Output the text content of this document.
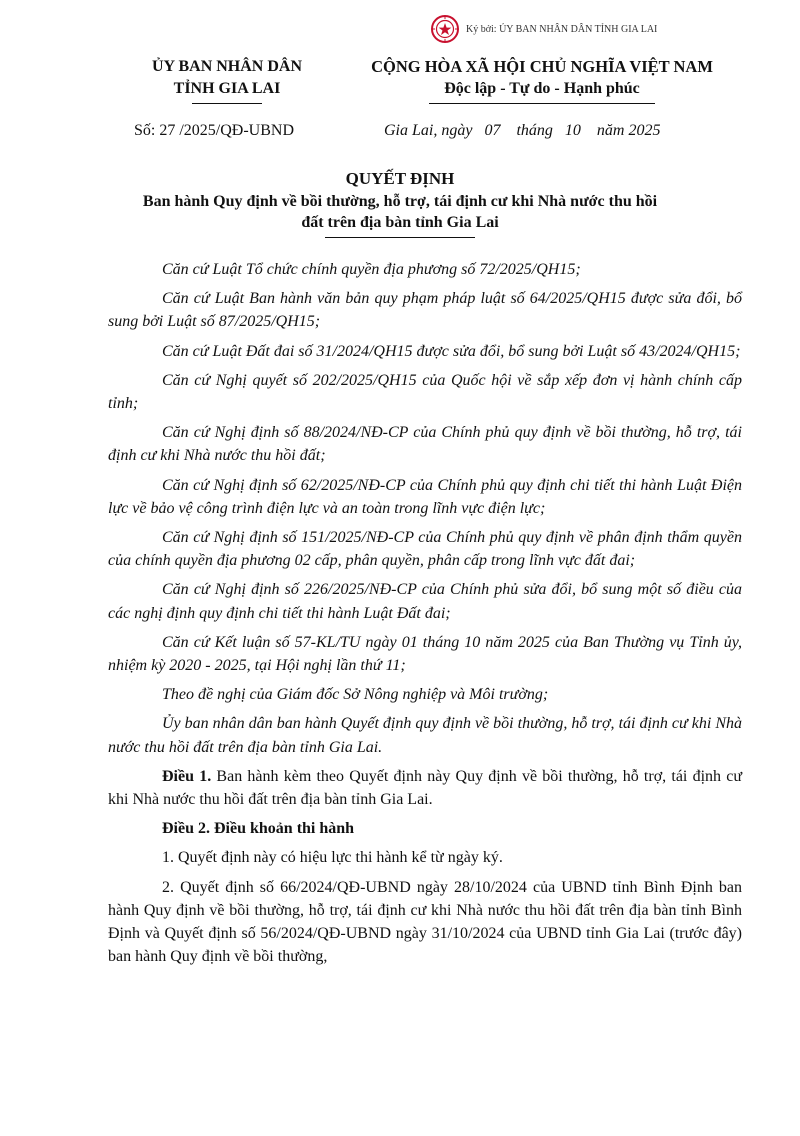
Ký bởi: ỦY BAN NHÂN DÂN TỈNH GIA LAI
ỦY BAN NHÂN DÂN
TỈNH GIA LAI
CỘNG HÒA XÃ HỘI CHỦ NGHĨA VIỆT NAM
Độc lập - Tự do - Hạnh phúc
Số: 27 /2025/QĐ-UBND	Gia Lai, ngày   07    tháng   10    năm 2025
QUYẾT ĐỊNH
Ban hành Quy định về bồi thường, hỗ trợ, tái định cư khi Nhà nước thu hồi đất trên địa bàn tỉnh Gia Lai

Căn cứ Luật Tổ chức chính quyền địa phương số 72/2025/QH15;

Căn cứ Luật Ban hành văn bản quy phạm pháp luật số 64/2025/QH15 được sửa đổi, bổ sung bởi Luật số 87/2025/QH15;

Căn cứ Luật Đất đai số 31/2024/QH15 được sửa đổi, bổ sung bởi Luật số 43/2024/QH15;

Căn cứ Nghị quyết số 202/2025/QH15 của Quốc hội về sắp xếp đơn vị hành chính cấp tỉnh;

Căn cứ Nghị định số 88/2024/NĐ-CP của Chính phủ quy định về bồi thường, hỗ trợ, tái định cư khi Nhà nước thu hồi đất;

Căn cứ Nghị định số 62/2025/NĐ-CP của Chính phủ quy định chi tiết thi hành Luật Điện lực về bảo vệ công trình điện lực và an toàn trong lĩnh vực điện lực;

Căn cứ Nghị định số 151/2025/NĐ-CP của Chính phủ quy định về phân định thẩm quyền của chính quyền địa phương 02 cấp, phân quyền, phân cấp trong lĩnh vực đất đai;

Căn cứ Nghị định số 226/2025/NĐ-CP của Chính phủ sửa đổi, bổ sung một số điều của các nghị định quy định chi tiết thi hành Luật Đất đai;

Căn cứ Kết luận số 57-KL/TU ngày 01 tháng 10 năm 2025 của Ban Thường vụ Tỉnh ủy, nhiệm kỳ 2020 - 2025, tại Hội nghị lần thứ 11;

Theo đề nghị của Giám đốc Sở Nông nghiệp và Môi trường;

Ủy ban nhân dân ban hành Quyết định quy định về bồi thường, hỗ trợ, tái định cư khi Nhà nước thu hồi đất trên địa bàn tỉnh Gia Lai.

Điều 1. Ban hành kèm theo Quyết định này Quy định về bồi thường, hỗ trợ, tái định cư khi Nhà nước thu hồi đất trên địa bàn tỉnh Gia Lai.

Điều 2. Điều khoản thi hành

1. Quyết định này có hiệu lực thi hành kể từ ngày ký.

2. Quyết định số 66/2024/QĐ-UBND ngày 28/10/2024 của UBND tỉnh Bình Định ban hành Quy định về bồi thường, hỗ trợ, tái định cư khi Nhà nước thu hồi đất trên địa bàn tỉnh Bình Định và Quyết định số 56/2024/QĐ-UBND ngày 31/10/2024 của UBND tỉnh Gia Lai (trước đây) ban hành Quy định về bồi thường,
